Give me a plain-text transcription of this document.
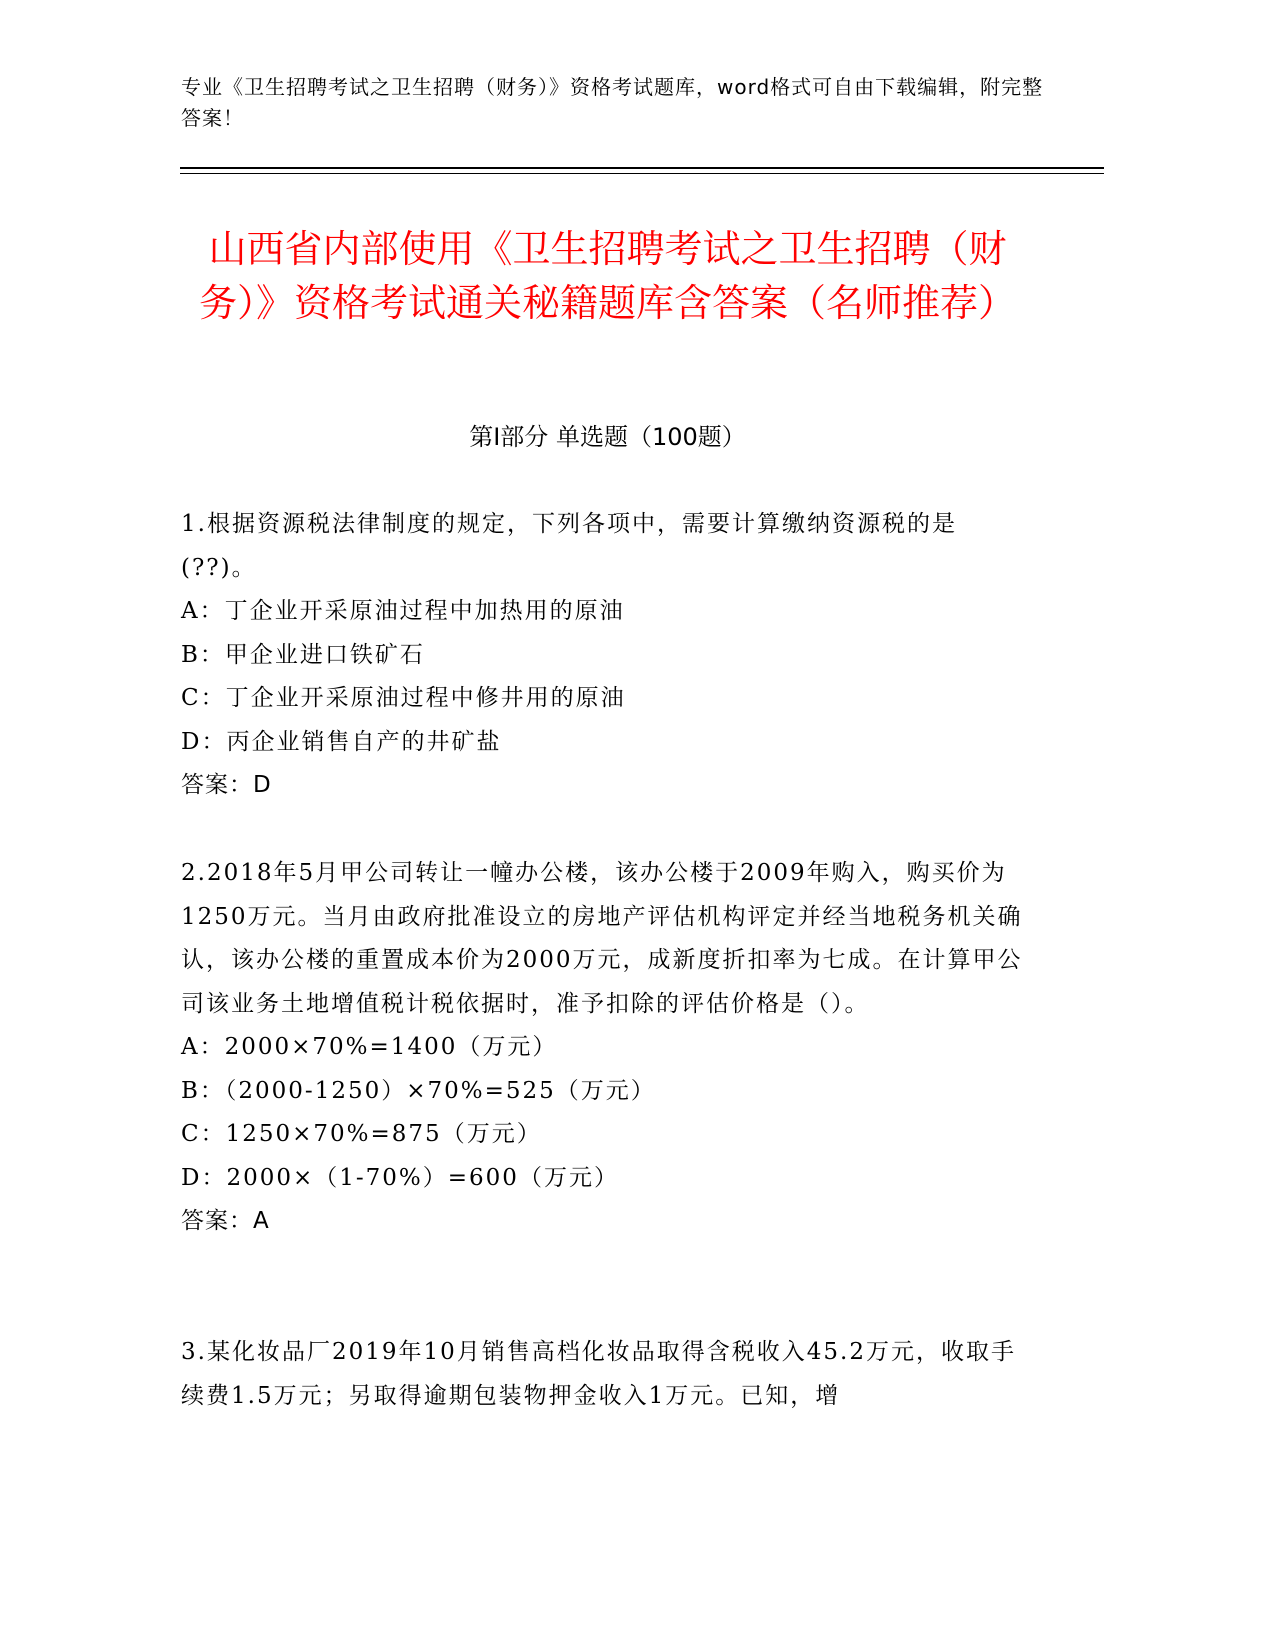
专业《卫生招聘考试之卫生招聘（财务）》资格考试题库，word格式可自由下载编辑，附完整答案！
山西省内部使用《卫生招聘考试之卫生招聘（财务）》资格考试通关秘籍题库含答案（名师推荐）
第Ⅰ部分 单选题（100题）
1.根据资源税法律制度的规定，下列各项中，需要计算缴纳资源税的是(??)。
A：丁企业开采原油过程中加热用的原油
B：甲企业进口铁矿石
C：丁企业开采原油过程中修井用的原油
D：丙企业销售自产的井矿盐
答案：D
2.2018年5月甲公司转让一幢办公楼，该办公楼于2009年购入，购买价为1250万元。当月由政府批准设立的房地产评估机构评定并经当地税务机关确认，该办公楼的重置成本价为2000万元，成新度折扣率为七成。在计算甲公司该业务土地增值税计税依据时，准予扣除的评估价格是（）。
A：2000×70%=1400（万元）
B：（2000-1250）×70%=525（万元）
C：1250×70%=875（万元）
D：2000×（1-70%）=600（万元）
答案：A
3.某化妆品厂2019年10月销售高档化妆品取得含税收入45.2万元，收取手续费1.5万元；另取得逾期包装物押金收入1万元。已知，增
